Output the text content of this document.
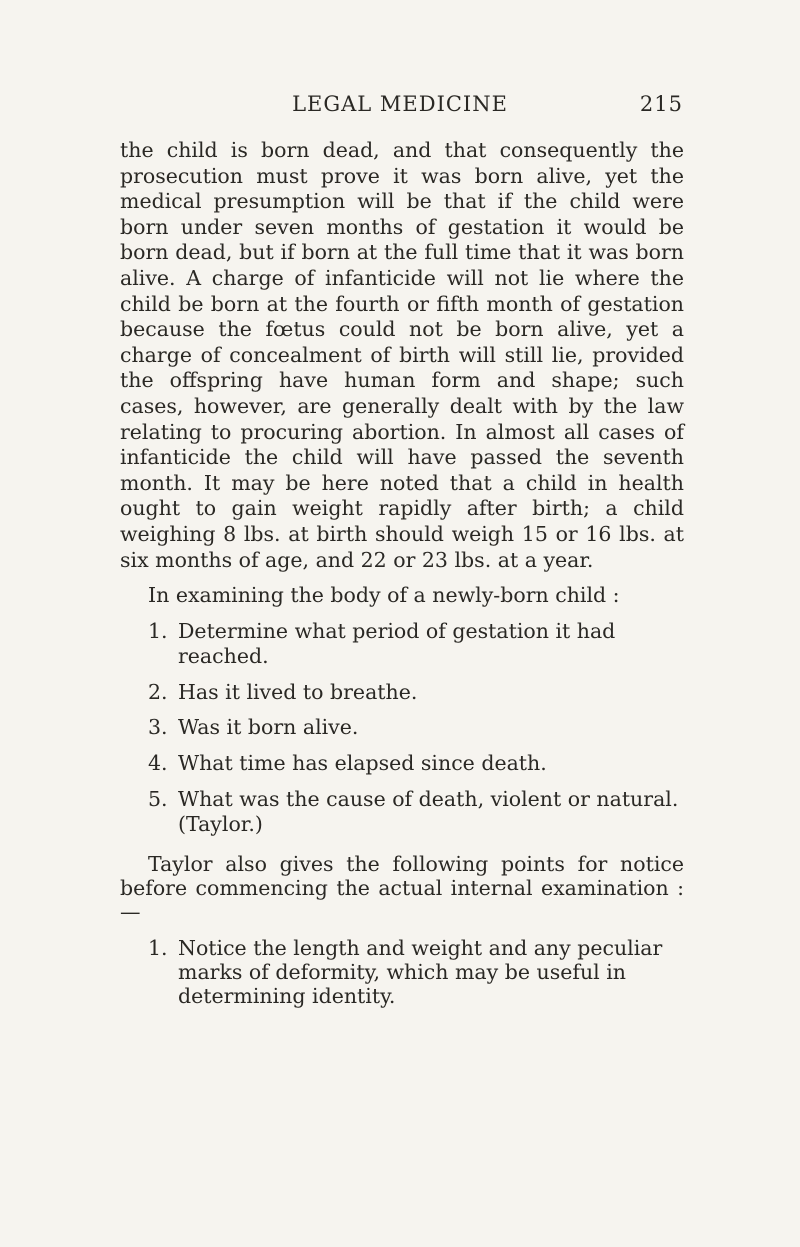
LEGAL MEDICINE	215

the child is born dead, and that consequently the prosecution must prove it was born alive, yet the medical presumption will be that if the child were born under seven months of gestation it would be born dead, but if born at the full time that it was born alive. A charge of infanticide will not lie where the child be born at the fourth or fifth month of gestation because the fœtus could not be born alive, yet a charge of concealment of birth will still lie, provided the offspring have human form and shape; such cases, however, are generally dealt with by the law relating to procuring abortion. In almost all cases of infanticide the child will have passed the seventh month. It may be here noted that a child in health ought to gain weight rapidly after birth; a child weighing 8 lbs. at birth should weigh 15 or 16 lbs. at six months of age, and 22 or 23 lbs. at a year.

In examining the body of a newly-born child :

1. Determine what period of gestation it had reached.
2. Has it lived to breathe.
3. Was it born alive.
4. What time has elapsed since death.
5. What was the cause of death, violent or natural. (Taylor.)

Taylor also gives the following points for notice before commencing the actual internal examination : —

1. Notice the length and weight and any peculiar marks of deformity, which may be useful in determining identity.
